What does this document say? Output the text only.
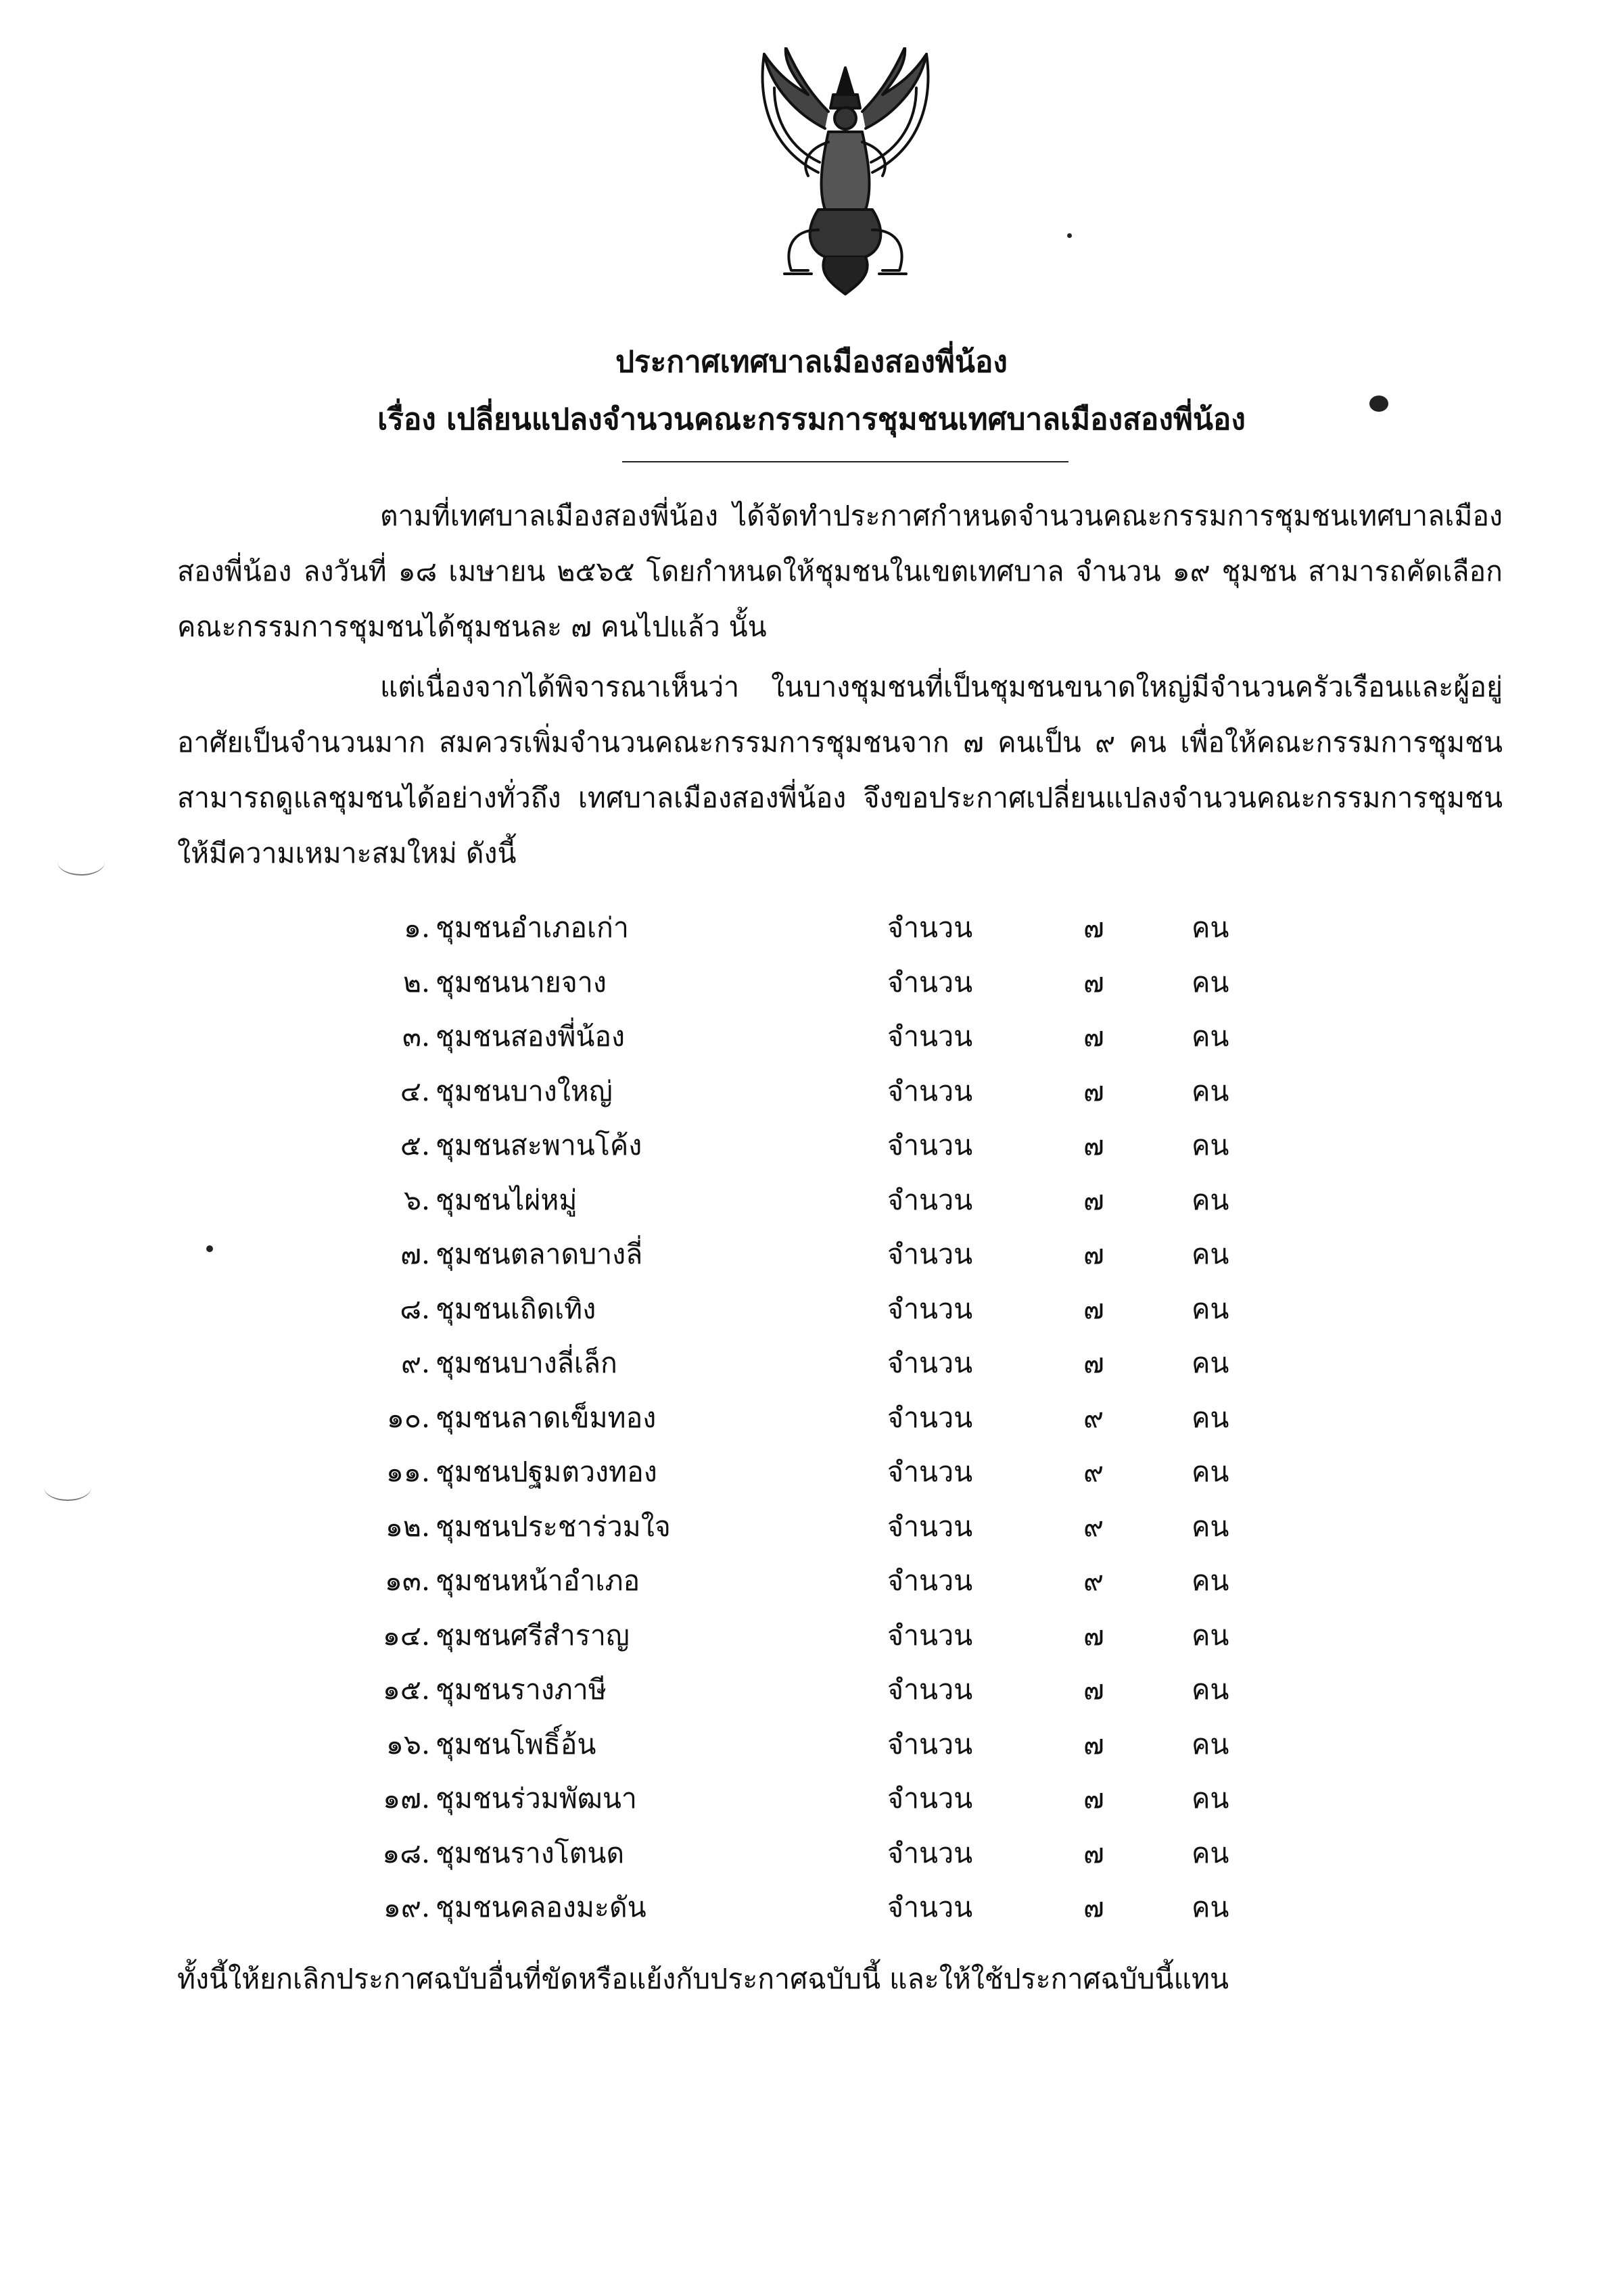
ประกาศเทศบาลเมืองสองพี่น้อง
เรื่อง เปลี่ยนแปลงจำนวนคณะกรรมการชุมชนเทศบาลเมืองสองพี่น้อง
ตามที่เทศบาลเมืองสองพี่น้อง ได้จัดทำประกาศกำหนดจำนวนคณะกรรมการชุมชนเทศบาลเมืองสองพี่น้อง ลงวันที่ ๑๘ เมษายน ๒๕๖๕ โดยกำหนดให้ชุมชนในเขตเทศบาล จำนวน ๑๙ ชุมชน สามารถคัดเลือกคณะกรรมการชุมชนได้ชุมชนละ ๗ คนไปแล้ว นั้น
แต่เนื่องจากได้พิจารณาเห็นว่า ในบางชุมชนที่เป็นชุมชนขนาดใหญ่มีจำนวนครัวเรือนและผู้อยู่อาศัยเป็นจำนวนมาก สมควรเพิ่มจำนวนคณะกรรมการชุมชนจาก ๗ คนเป็น ๙ คน เพื่อให้คณะกรรมการชุมชนสามารถดูแลชุมชนได้อย่างทั่วถึง เทศบาลเมืองสองพี่น้อง จึงขอประกาศเปลี่ยนแปลงจำนวนคณะกรรมการชุมชนให้มีความเหมาะสมใหม่ ดังนี้
๑. ชุมชนอำเภอเก่า	จำนวน	๗	คน
๒. ชุมชนนายจาง	จำนวน	๗	คน
๓. ชุมชนสองพี่น้อง	จำนวน	๗	คน
๔. ชุมชนบางใหญ่	จำนวน	๗	คน
๕. ชุมชนสะพานโค้ง	จำนวน	๗	คน
๖. ชุมชนไผ่หมู่	จำนวน	๗	คน
๗. ชุมชนตลาดบางลี่	จำนวน	๗	คน
๘. ชุมชนเถิดเทิง	จำนวน	๗	คน
๙. ชุมชนบางลี่เล็ก	จำนวน	๗	คน
๑๐. ชุมชนลาดเข็มทอง	จำนวน	๙	คน
๑๑. ชุมชนปฐมตวงทอง	จำนวน	๙	คน
๑๒. ชุมชนประชาร่วมใจ	จำนวน	๙	คน
๑๓. ชุมชนหน้าอำเภอ	จำนวน	๙	คน
๑๔. ชุมชนศรีสำราญ	จำนวน	๗	คน
๑๕. ชุมชนรางภาษี	จำนวน	๗	คน
๑๖. ชุมชนโพธิ์อ้น	จำนวน	๗	คน
๑๗. ชุมชนร่วมพัฒนา	จำนวน	๗	คน
๑๘. ชุมชนรางโตนด	จำนวน	๗	คน
๑๙. ชุมชนคลองมะดัน	จำนวน	๗	คน
ทั้งนี้ให้ยกเลิกประกาศฉบับอื่นที่ขัดหรือแย้งกับประกาศฉบับนี้ และให้ใช้ประกาศฉบับนี้แทน
